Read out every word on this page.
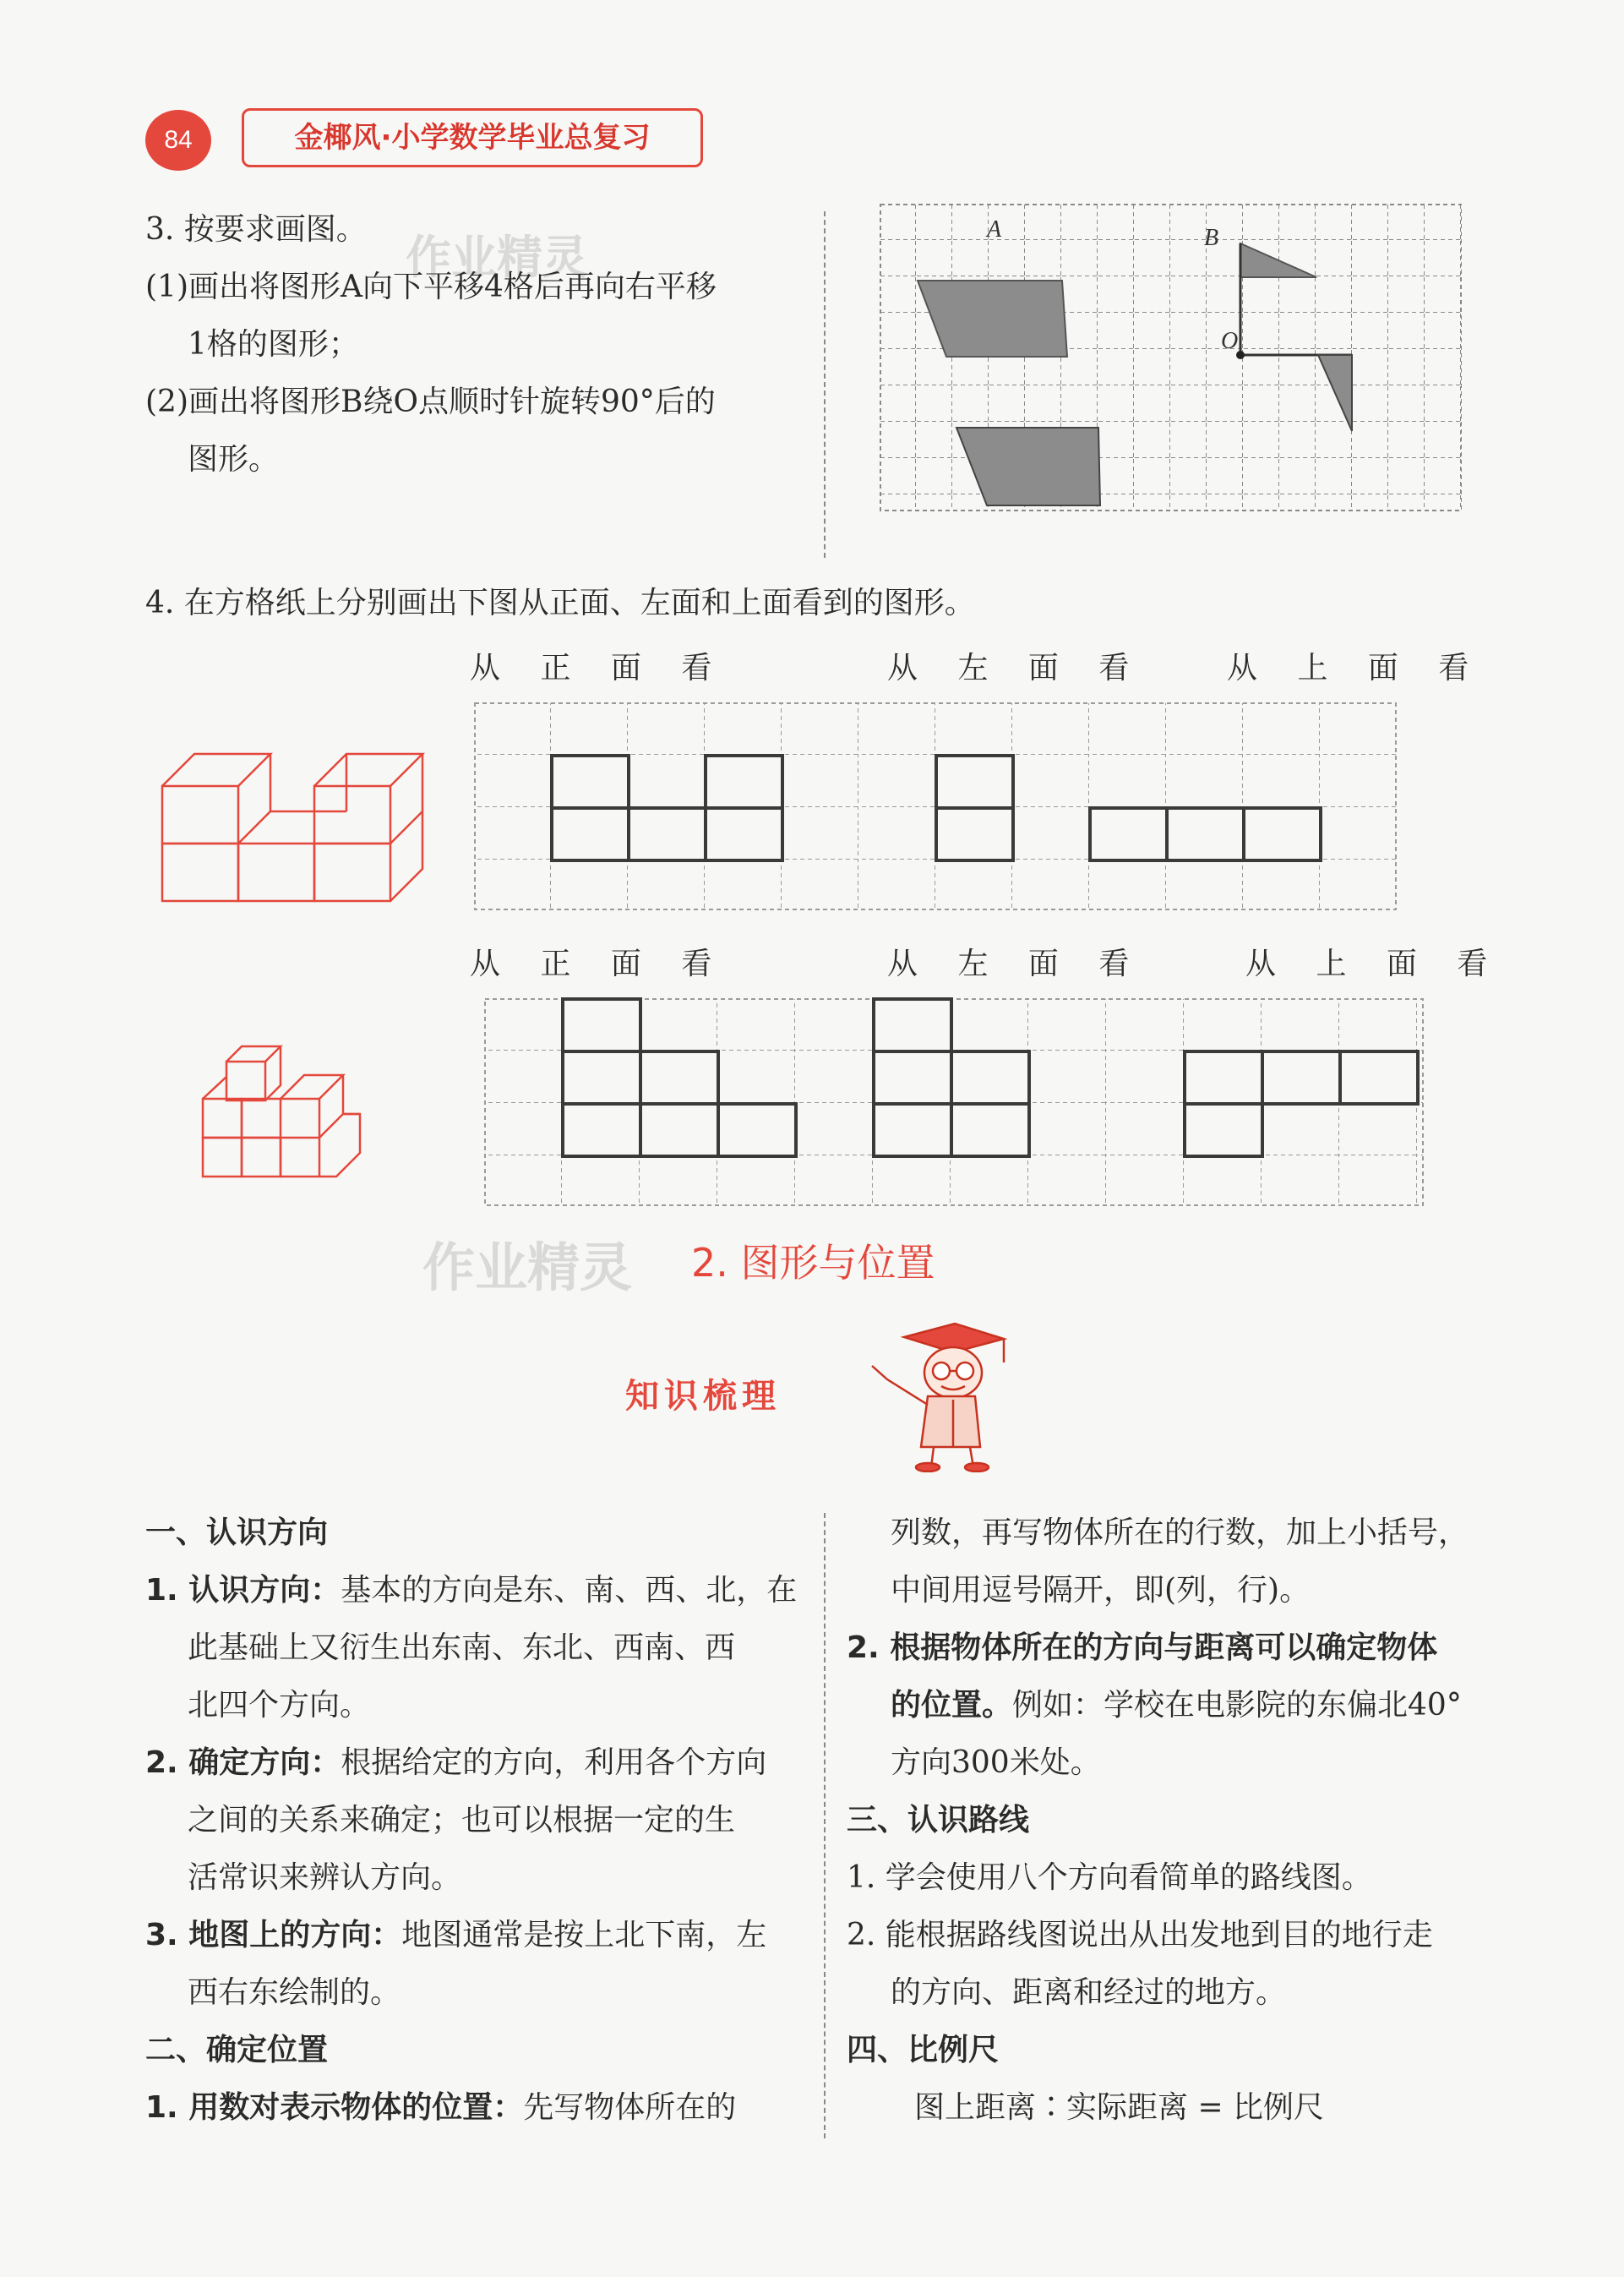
84	金椰风·小学数学毕业总复习
作业精灵
作业精灵
3. 按要求画图。
(1)画出将图形A向下平移4格后再向右平移
1格的图形；
(2)画出将图形B绕O点顺时针旋转90°后的
图形。
A	B
O
4. 在方格纸上分别画出下图从正面、左面和上面看到的图形。
从 正 面 看	从 左 面 看	从 上 面 看
从 正 面 看	从 左 面 看	从 上 面 看
2. 图形与位置
知识梳理
一、认识方向
1. 认识方向：基本的方向是东、南、西、北，在
此基础上又衍生出东南、东北、西南、西
北四个方向。
2. 确定方向：根据给定的方向，利用各个方向
之间的关系来确定；也可以根据一定的生
活常识来辨认方向。
3. 地图上的方向：地图通常是按上北下南，左
西右东绘制的。
二、确定位置
1. 用数对表示物体的位置：先写物体所在的
列数，再写物体所在的行数，加上小括号，
中间用逗号隔开，即(列，行)。
2. 根据物体所在的方向与距离可以确定物体
的位置。例如：学校在电影院的东偏北40°
方向300米处。
三、认识路线
1. 学会使用八个方向看简单的路线图。
2. 能根据路线图说出从出发地到目的地行走
的方向、距离和经过的地方。
四、比例尺
图上距离∶实际距离 = 比例尺
